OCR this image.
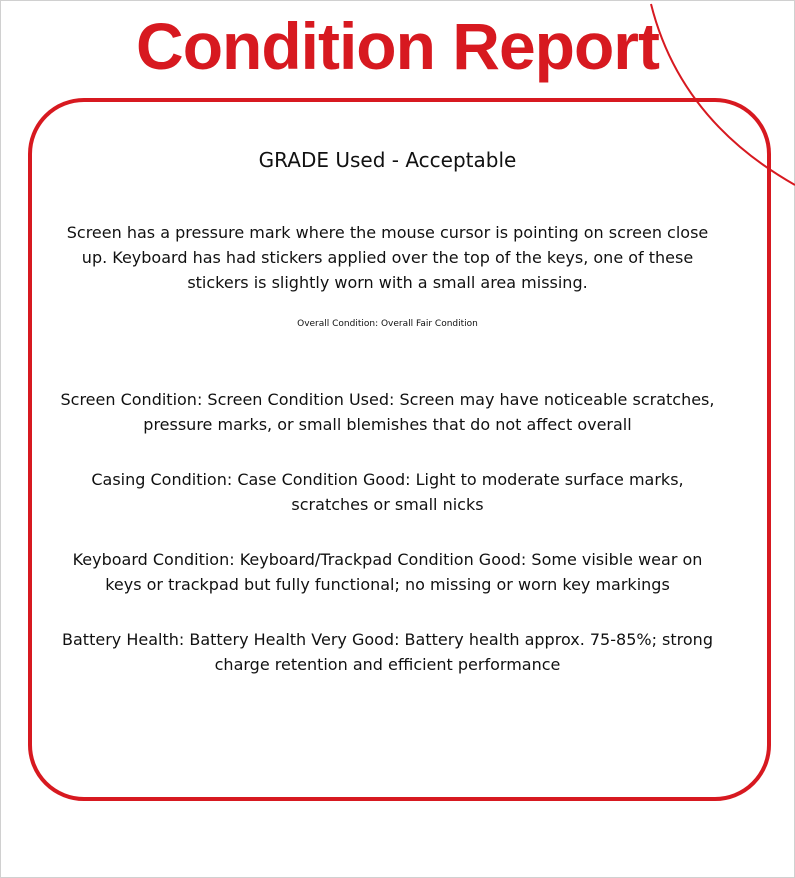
Condition Report
GRADE Used - Acceptable

Screen has a pressure mark where the mouse cursor is pointing on screen close up. Keyboard has had stickers applied over the top of the keys, one of these stickers is slightly worn with a small area missing.

Overall Condition: Overall Fair Condition

Screen Condition: Screen Condition Used: Screen may have noticeable scratches, pressure marks, or small blemishes that do not affect overall

Casing Condition: Case Condition Good: Light to moderate surface marks, scratches or small nicks

Keyboard Condition: Keyboard/Trackpad Condition Good: Some visible wear on keys or trackpad but fully functional; no missing or worn key markings

Battery Health: Battery Health Very Good: Battery health approx. 75-85%; strong charge retention and efficient performance
